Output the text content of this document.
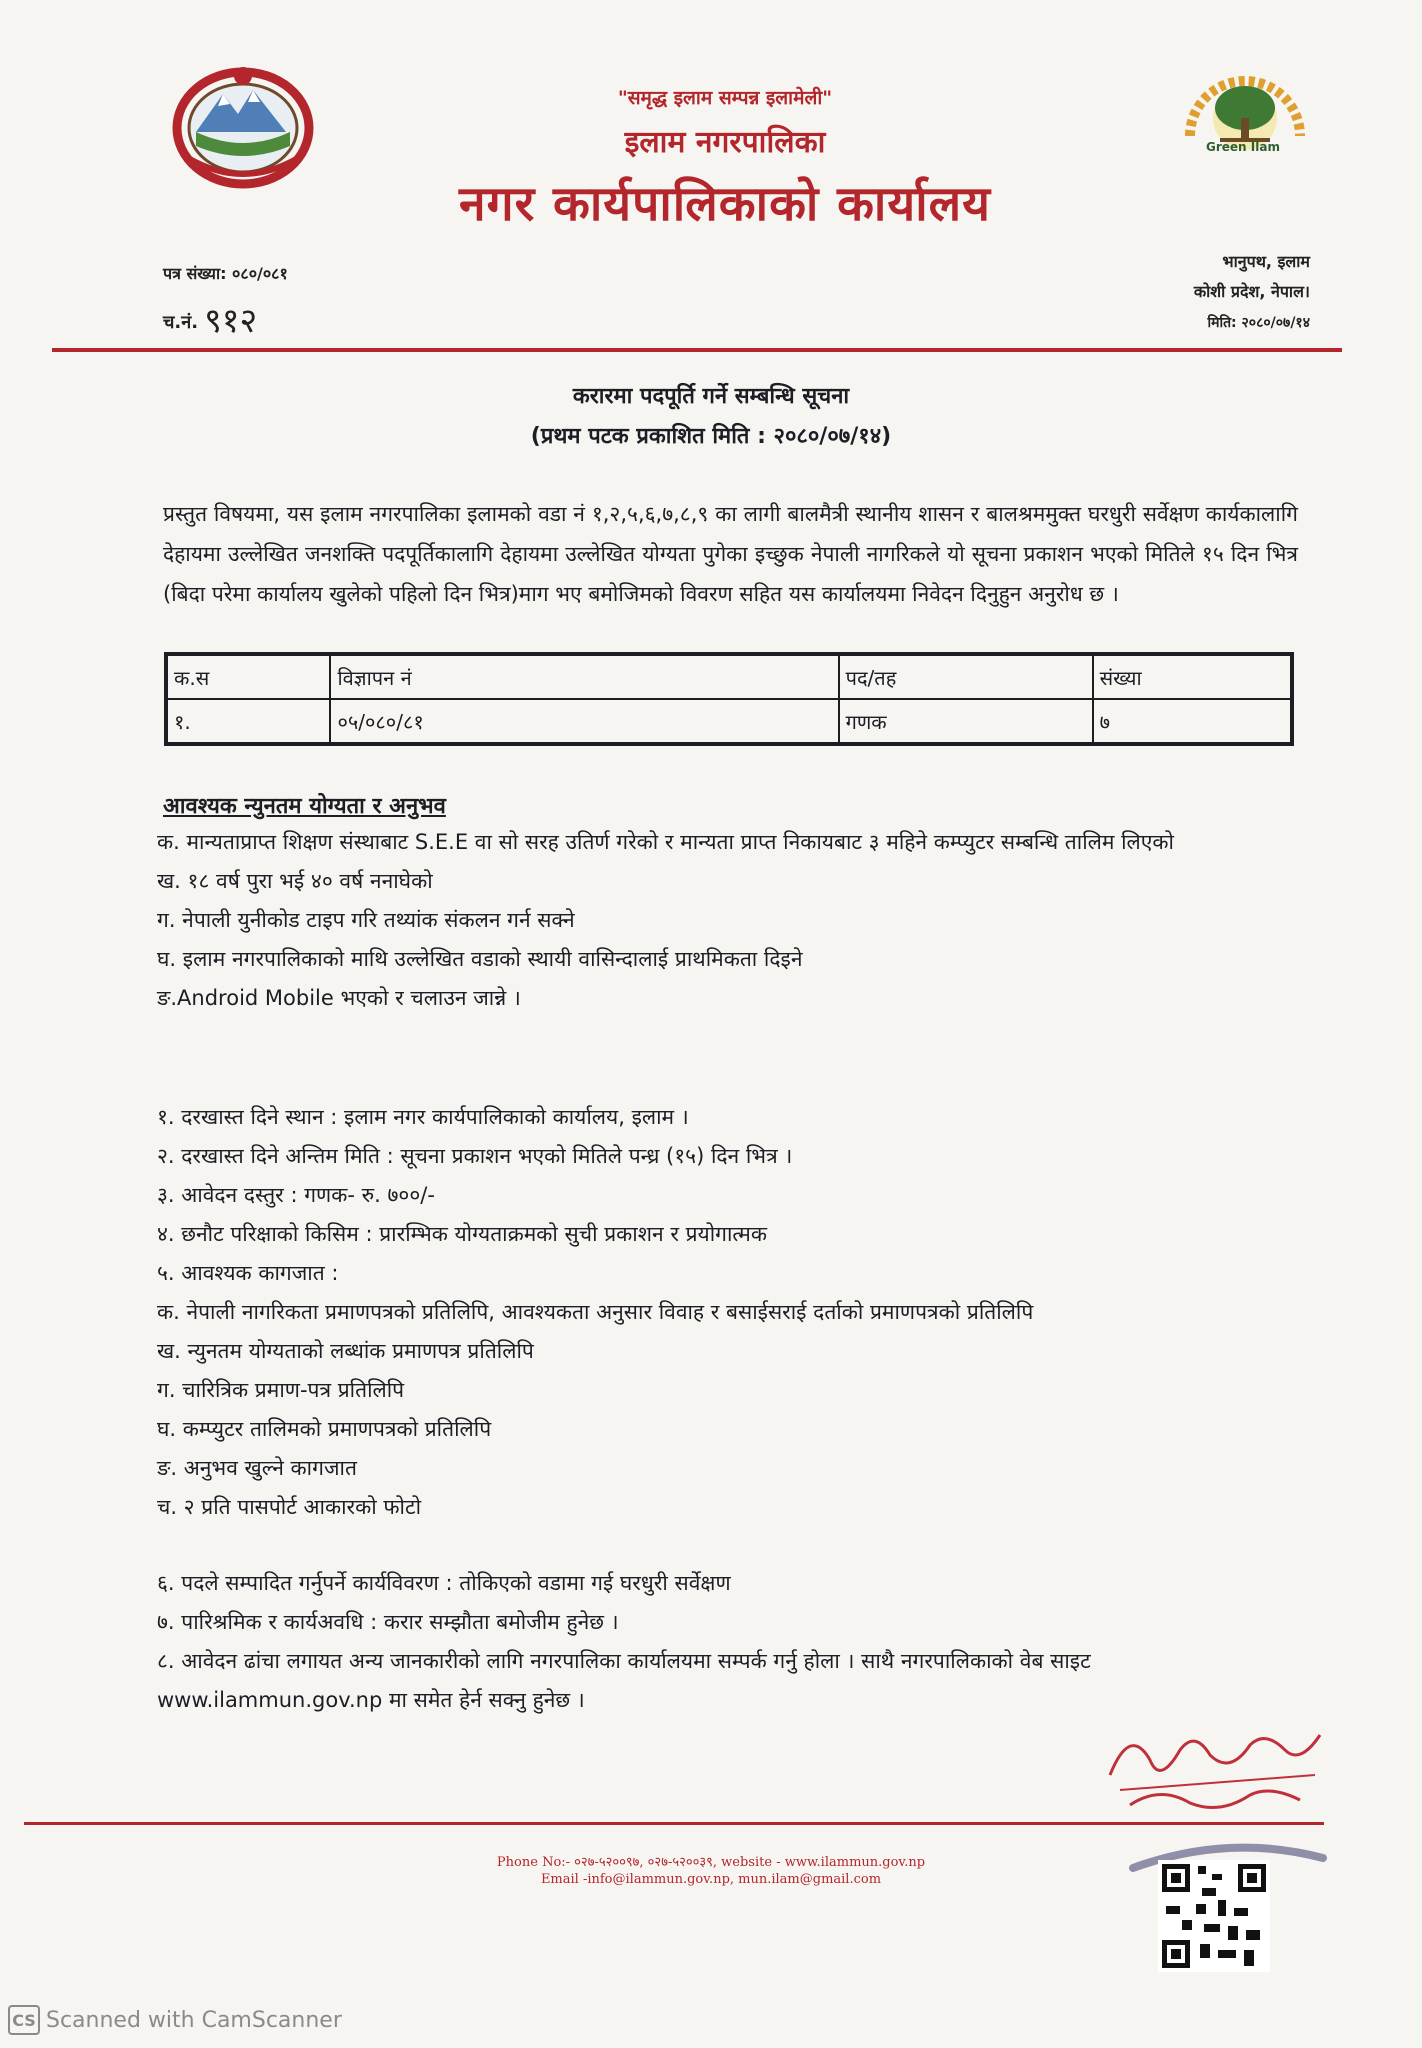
Green Ilam
"समृद्ध इलाम सम्पन्न इलामेली"
इलाम नगरपालिका
नगर कार्यपालिकाको कार्यालय
पत्र संख्या: ०८०/०८१
च.नं. ९१२
भानुपथ, इलाम
कोशी प्रदेश, नेपाल।
मिति: २०८०/०७/१४
करारमा पदपूर्ति गर्ने सम्बन्धि सूचना
(प्रथम पटक प्रकाशित मिति : २०८०/०७/१४)
प्रस्तुत विषयमा, यस इलाम नगरपालिका इलामको वडा नं १,२,५,६,७,८,९ का लागी बालमैत्री स्थानीय शासन र बालश्रममुक्त घरधुरी सर्वेक्षण कार्यकालागि देहायमा उल्लेखित जनशक्ति पदपूर्तिकालागि देहायमा उल्लेखित योग्यता पुगेका इच्छुक नेपाली नागरिकले यो सूचना प्रकाशन भएको मितिले १५ दिन भित्र (बिदा परेमा कार्यालय खुलेको पहिलो दिन भित्र)माग भए बमोजिमको विवरण सहित यस कार्यालयमा निवेदन दिनुहुन अनुरोध छ ।
क.स	विज्ञापन नं	पद/तह	संख्या
१.	०५/०८०/८१	गणक	७
आवश्यक न्युनतम योग्यता र अनुभव
क. मान्यताप्राप्त शिक्षण संस्थाबाट S.E.E वा सो सरह उतिर्ण गरेको र मान्यता प्राप्त निकायबाट ३ महिने कम्प्युटर सम्बन्धि तालिम लिएको
ख. १८ वर्ष पुरा भई ४० वर्ष ननाघेको
ग. नेपाली युनीकोड टाइप गरि तथ्यांक संकलन गर्न सक्ने
घ. इलाम नगरपालिकाको माथि उल्लेखित वडाको स्थायी वासिन्दालाई प्राथमिकता दिइने
ङ.Android Mobile भएको र चलाउन जान्ने ।
१. दरखास्त दिने स्थान : इलाम नगर कार्यपालिकाको कार्यालय, इलाम ।
२. दरखास्त दिने अन्तिम मिति : सूचना प्रकाशन भएको मितिले पन्ध्र (१५) दिन भित्र ।
३. आवेदन दस्तुर : गणक- रु. ७००/-
४. छनौट परिक्षाको किसिम : प्रारम्भिक योग्यताक्रमको सुची प्रकाशन र प्रयोगात्मक
५. आवश्यक कागजात :
क. नेपाली नागरिकता प्रमाणपत्रको प्रतिलिपि, आवश्यकता अनुसार विवाह र बसाईसराई दर्ताको प्रमाणपत्रको प्रतिलिपि
ख. न्युनतम योग्यताको लब्धांक प्रमाणपत्र प्रतिलिपि
ग. चारित्रिक प्रमाण-पत्र प्रतिलिपि
घ. कम्प्युटर तालिमको प्रमाणपत्रको प्रतिलिपि
ङ. अनुभव खुल्ने कागजात
च. २ प्रति पासपोर्ट आकारको फोटो
६. पदले सम्पादित गर्नुपर्ने कार्यविवरण : तोकिएको वडामा गई घरधुरी सर्वेक्षण
७. पारिश्रमिक र कार्यअवधि : करार सम्झौता बमोजीम हुनेछ ।
८. आवेदन ढांचा लगायत अन्य जानकारीको लागि नगरपालिका कार्यालयमा सम्पर्क गर्नु होला । साथै नगरपालिकाको वेब साइट www.ilammun.gov.np मा समेत हेर्न सक्नु हुनेछ ।
Phone No:- ०२७-५२००९७, ०२७-५२००३९, website - www.ilammun.gov.np
Email -info@ilammun.gov.np, mun.ilam@gmail.com
CS Scanned with CamScanner
